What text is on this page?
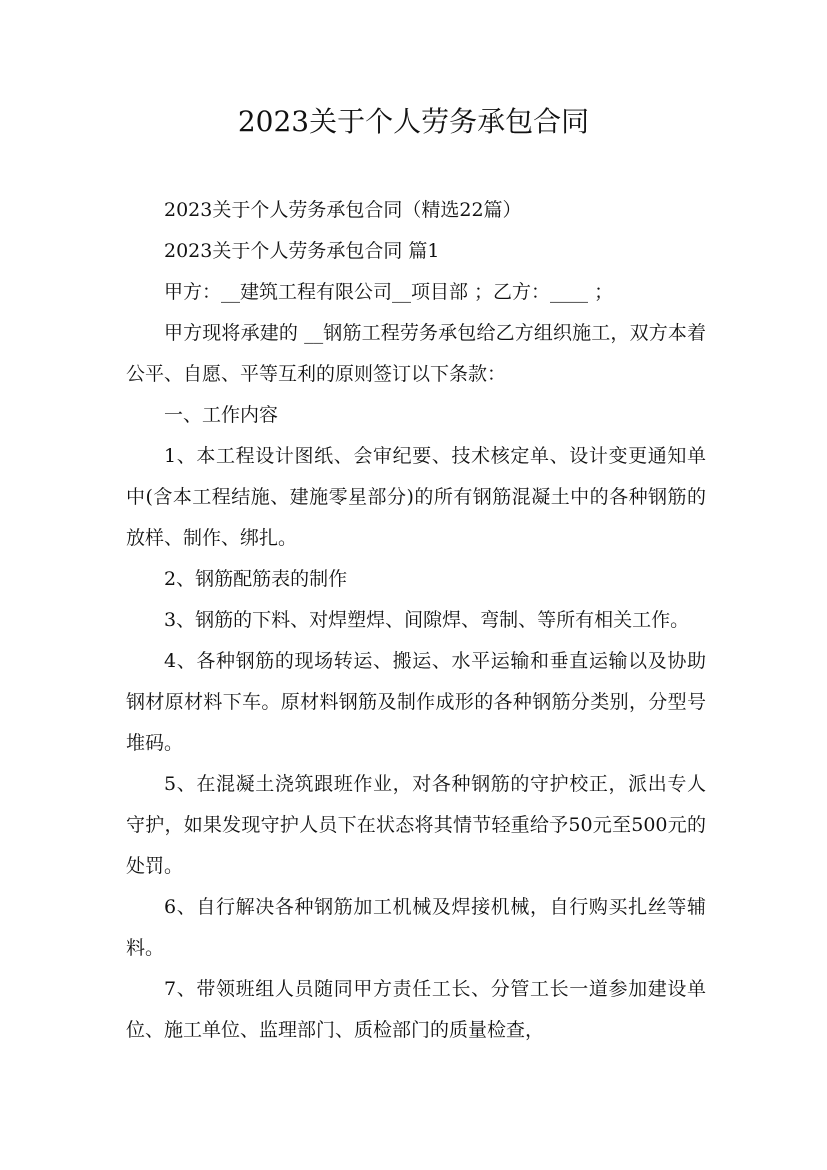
2023关于个人劳务承包合同

2023关于个人劳务承包合同（精选22篇）

2023关于个人劳务承包合同 篇1

甲方：__建筑工程有限公司__项目部 ；乙方：____ ；

甲方现将承建的 __钢筋工程劳务承包给乙方组织施工，双方本着公平、自愿、平等互利的原则签订以下条款：

一、工作内容

1、本工程设计图纸、会审纪要、技术核定单、设计变更通知单中(含本工程结施、建施零星部分)的所有钢筋混凝土中的各种钢筋的放样、制作、绑扎。

2、钢筋配筋表的制作

3、钢筋的下料、对焊塑焊、间隙焊、弯制、等所有相关工作。

4、各种钢筋的现场转运、搬运、水平运输和垂直运输以及协助钢材原材料下车。原材料钢筋及制作成形的各种钢筋分类别，分型号堆码。

5、在混凝土浇筑跟班作业，对各种钢筋的守护校正，派出专人守护，如果发现守护人员下在状态将其情节轻重给予50元至500元的处罚。

6、自行解决各种钢筋加工机械及焊接机械，自行购买扎丝等辅料。

7、带领班组人员随同甲方责任工长、分管工长一道参加建设单位、施工单位、监理部门、质检部门的质量检查，
